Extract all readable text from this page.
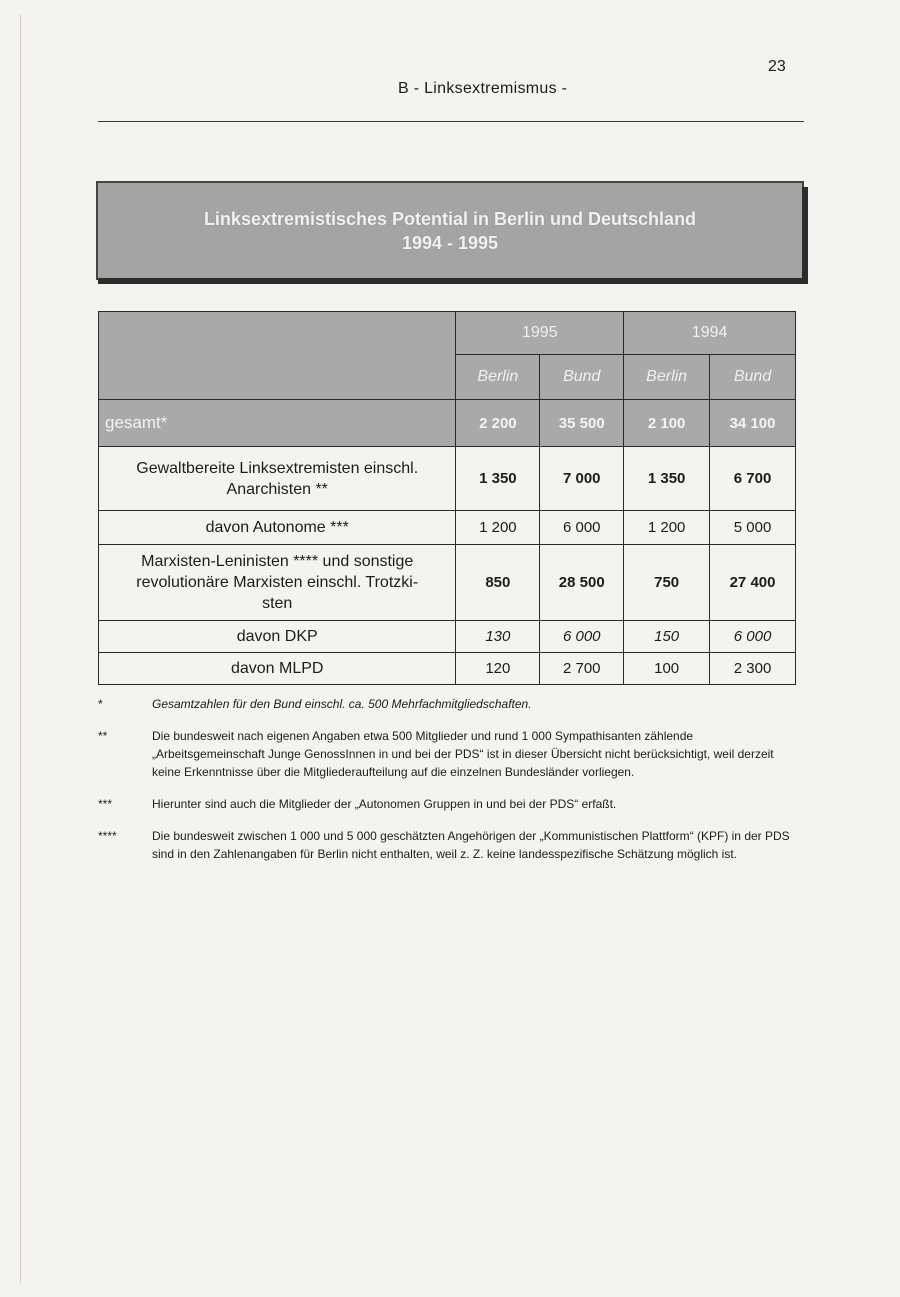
23
B - Linksextremismus -
Linksextremistisches Potential in Berlin und Deutschland
1994 - 1995
	1995		1994	
	Berlin	Bund	Berlin	Bund
gesamt*	2 200	35 500	2 100	34 100
Gewaltbereite Linksextremisten einschl.
Anarchisten **	1 350	7 000	1 350	6 700
davon Autonome ***	1 200	6 000	1 200	5 000
Marxisten-Leninisten **** und sonstige
revolutionäre Marxisten einschl. Trotzki-
sten	850	28 500	750	27 400
davon DKP	130	6 000	150	6 000
davon MLPD	120	2 700	100	2 300
*	Gesamtzahlen für den Bund einschl. ca. 500 Mehrfachmitgliedschaften.
**	Die bundesweit nach eigenen Angaben etwa 500 Mitglieder und rund 1 000 Sympathisanten zählende „Arbeitsgemeinschaft Junge GenossInnen in und bei der PDS“ ist in dieser Übersicht nicht berücksichtigt, weil derzeit keine Erkenntnisse über die Mitgliederaufteilung auf die einzelnen Bundesländer vorliegen.
***	Hierunter sind auch die Mitglieder der „Autonomen Gruppen in und bei der PDS“ erfaßt.
****	Die bundesweit zwischen 1 000 und 5 000 geschätzten Angehörigen der „Kommunistischen Plattform“ (KPF) in der PDS sind in den Zahlenangaben für Berlin nicht enthalten, weil z. Z. keine landesspezifische Schätzung möglich ist.
